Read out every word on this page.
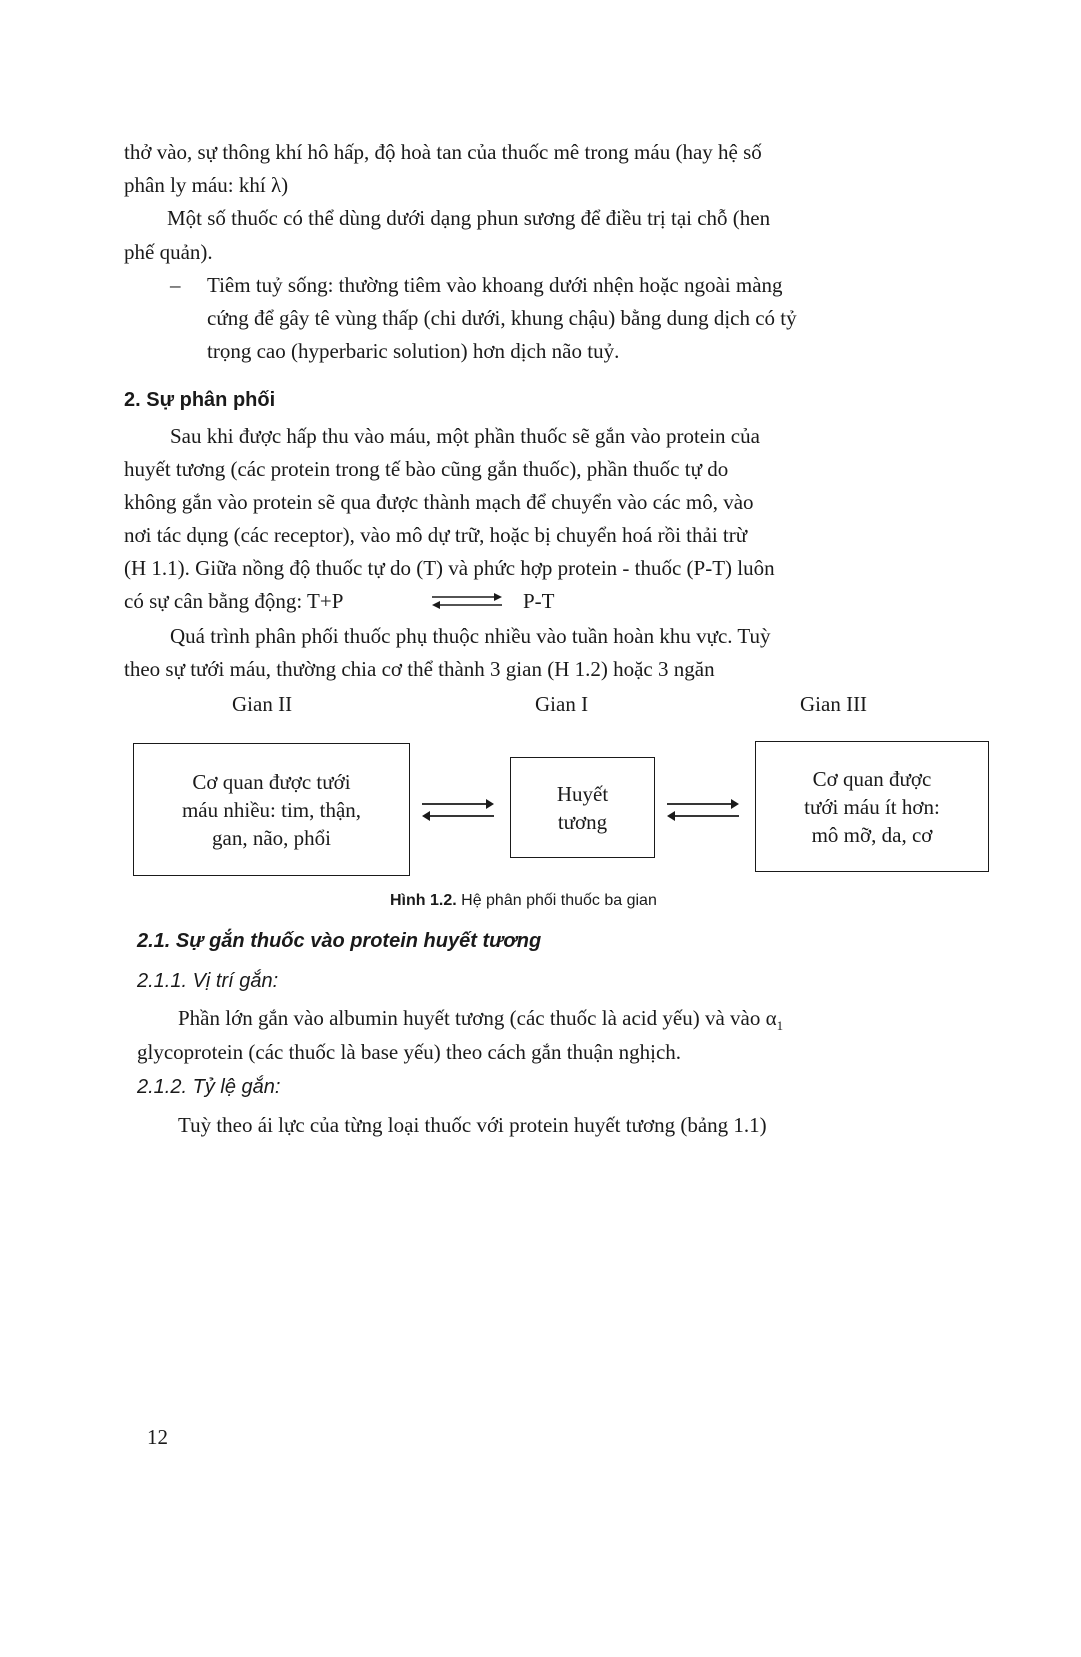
thở vào, sự thông khí hô hấp, độ hoà tan của thuốc mê trong máu (hay hệ số
phân ly máu: khí λ)
Một số thuốc có thể dùng dưới dạng phun sương để điều trị tại chỗ (hen
phế quản).
– Tiêm tuỷ sống: thường tiêm vào khoang dưới nhện hoặc ngoài màng
cứng để gây tê vùng thấp (chi dưới, khung chậu) bằng dung dịch có tỷ
trọng cao (hyperbaric solution) hơn dịch não tuỷ.
2. Sự phân phối
Sau khi được hấp thu vào máu, một phần thuốc sẽ gắn vào protein của
huyết tương (các protein trong tế bào cũng gắn thuốc), phần thuốc tự do
không gắn vào protein sẽ qua được thành mạch để chuyển vào các mô, vào
nơi tác dụng (các receptor), vào mô dự trữ, hoặc bị chuyển hoá rồi thải trừ
(H 1.1). Giữa nồng độ thuốc tự do (T) và phức hợp protein - thuốc (P-T) luôn
có sự cân bằng động: T+P	P-T
Quá trình phân phối thuốc phụ thuộc nhiều vào tuần hoàn khu vực. Tuỳ
theo sự tưới máu, thường chia cơ thể thành 3 gian (H 1.2) hoặc 3 ngăn
Gian II	Gian I	Gian III
Cơ quan được tưới
máu nhiều: tim, thận,
gan, não, phổi
Huyết
tương
Cơ quan được
tưới máu ít hơn:
mô mỡ, da, cơ
Hình 1.2. Hệ phân phối thuốc ba gian
2.1. Sự gắn thuốc vào protein huyết tương
2.1.1. Vị trí gắn:
Phần lớn gắn vào albumin huyết tương (các thuốc là acid yếu) và vào $\alpha_1$
glycoprotein (các thuốc là base yếu) theo cách gắn thuận nghịch.
2.1.2. Tỷ lệ gắn:
Tuỳ theo ái lực của từng loại thuốc với protein huyết tương (bảng 1.1)
12
